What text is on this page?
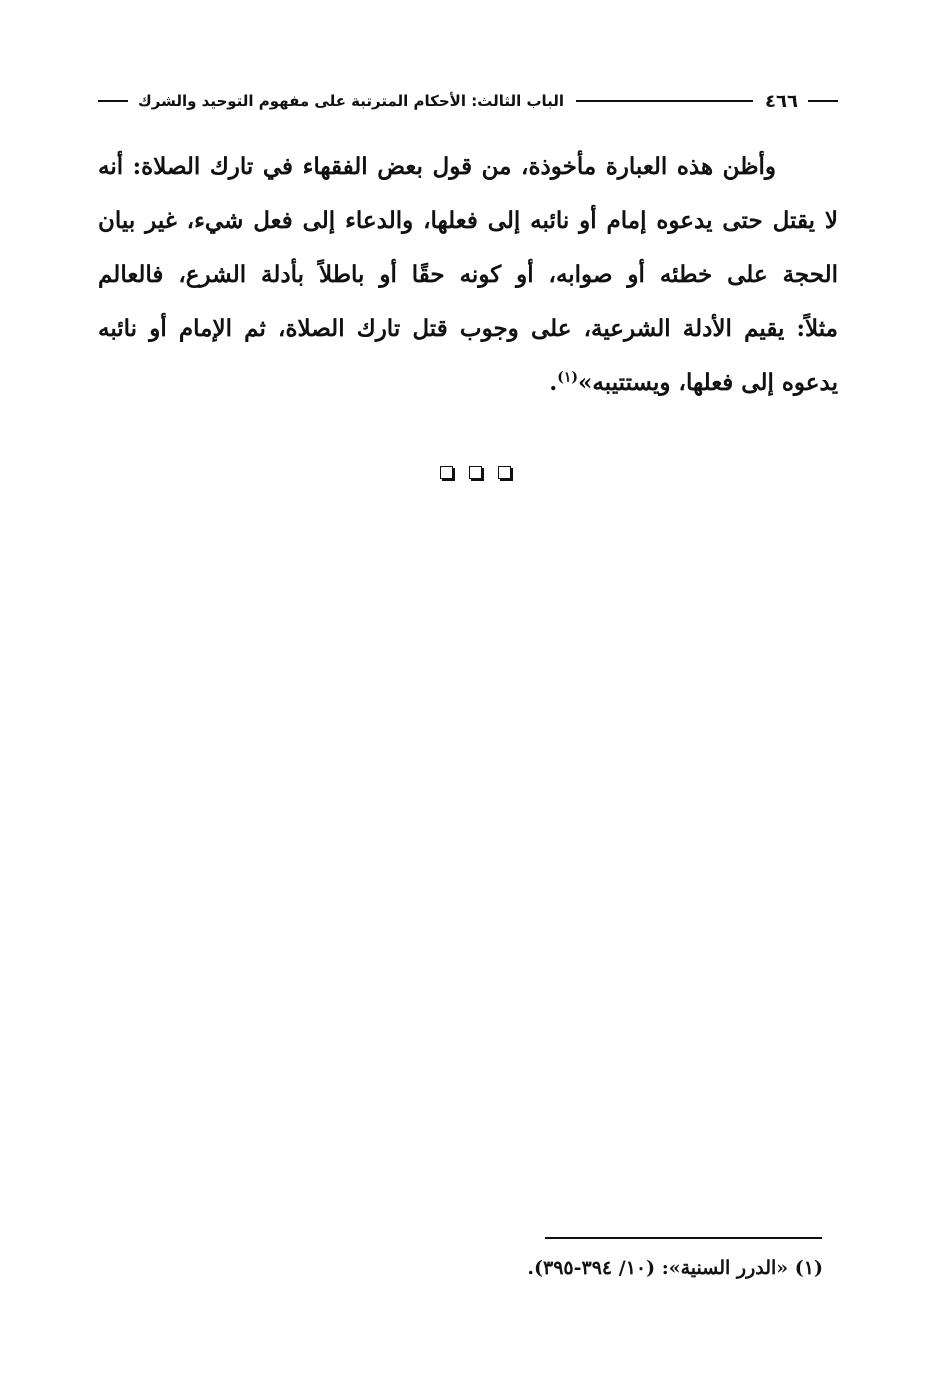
٤٦٦
الباب الثالث: الأحكام المترتبة على مفهوم التوحيد والشرك
وأظن هذه العبارة مأخوذة، من قول بعض الفقهاء في تارك الصلاة: أنه
لا يقتل حتى يدعوه إمام أو نائبه إلى فعلها، والدعاء إلى فعل شيء، غير بيان
الحجة على خطئه أو صوابه، أو كونه حقًا أو باطلاً بأدلة الشرع، فالعالم
مثلاً: يقيم الأدلة الشرعية، على وجوب قتل تارك الصلاة، ثم الإمام أو نائبه
يدعوه إلى فعلها، ويستتيبه»$^{(١)}$.
(١) «الدرر السنية»: (١٠/ ٣٩٤-٣٩٥).
